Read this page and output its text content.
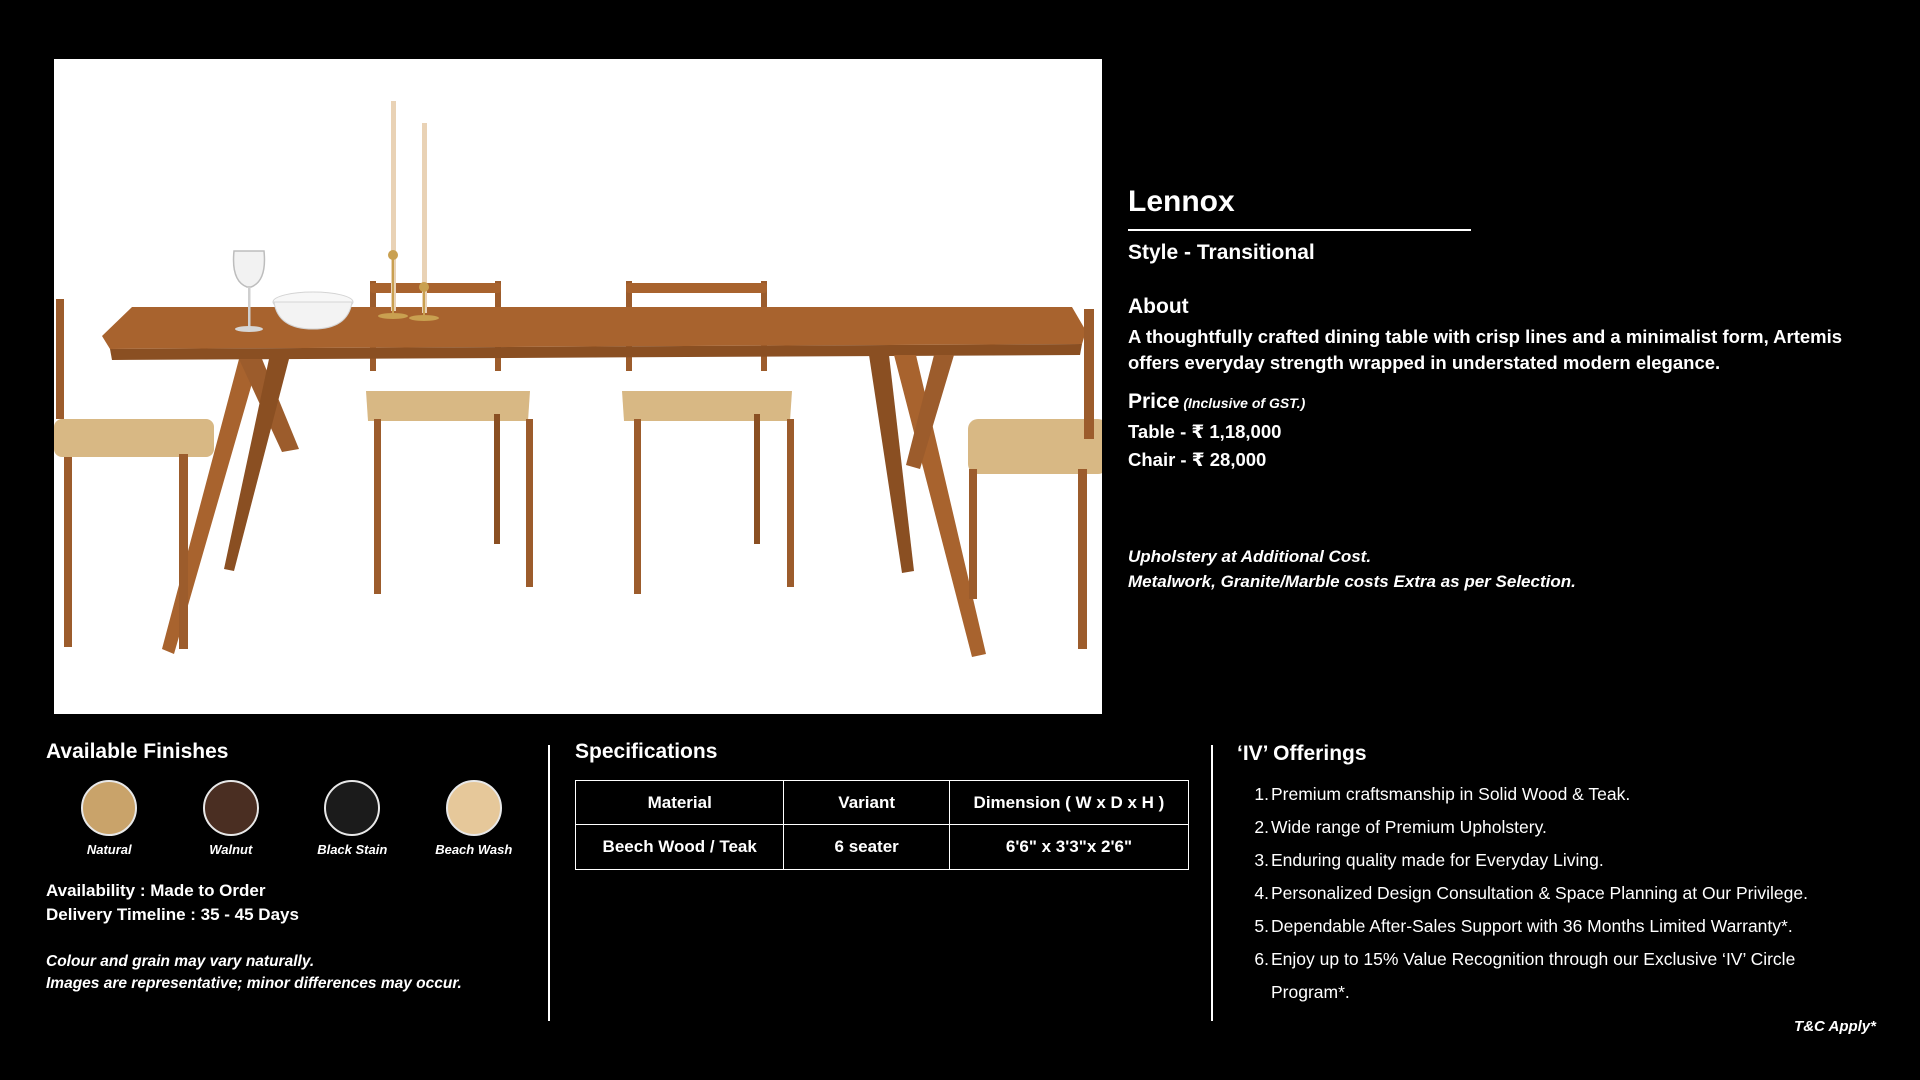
Lennox
Style - Transitional
About
A thoughtfully crafted dining table with crisp lines and a minimalist form, Artemis offers everyday strength wrapped in understated modern elegance.
Price (Inclusive of GST.)
Table - ₹ 1,18,000
Chair - ₹ 28,000
Upholstery at Additional Cost.
Metalwork, Granite/Marble costs Extra as per Selection.
Available Finishes
Natural	Walnut	Black Stain	Beach Wash
Availability : Made to Order
Delivery Timeline : 35 - 45 Days
Colour and grain may vary naturally.
Images are representative; minor differences may occur.
Specifications
Material	Variant	Dimension ( W x D x H )
Beech Wood / Teak	6 seater	6'6" x 3'3"x 2'6"
‘IV’ Offerings
1. Premium craftsmanship in Solid Wood & Teak.
2. Wide range of Premium Upholstery.
3. Enduring quality made for Everyday Living.
4. Personalized Design Consultation & Space Planning at Our Privilege.
5. Dependable After-Sales Support with 36 Months Limited Warranty*.
6. Enjoy up to 15% Value Recognition through our Exclusive ‘IV’ Circle Program*.
T&C Apply*
